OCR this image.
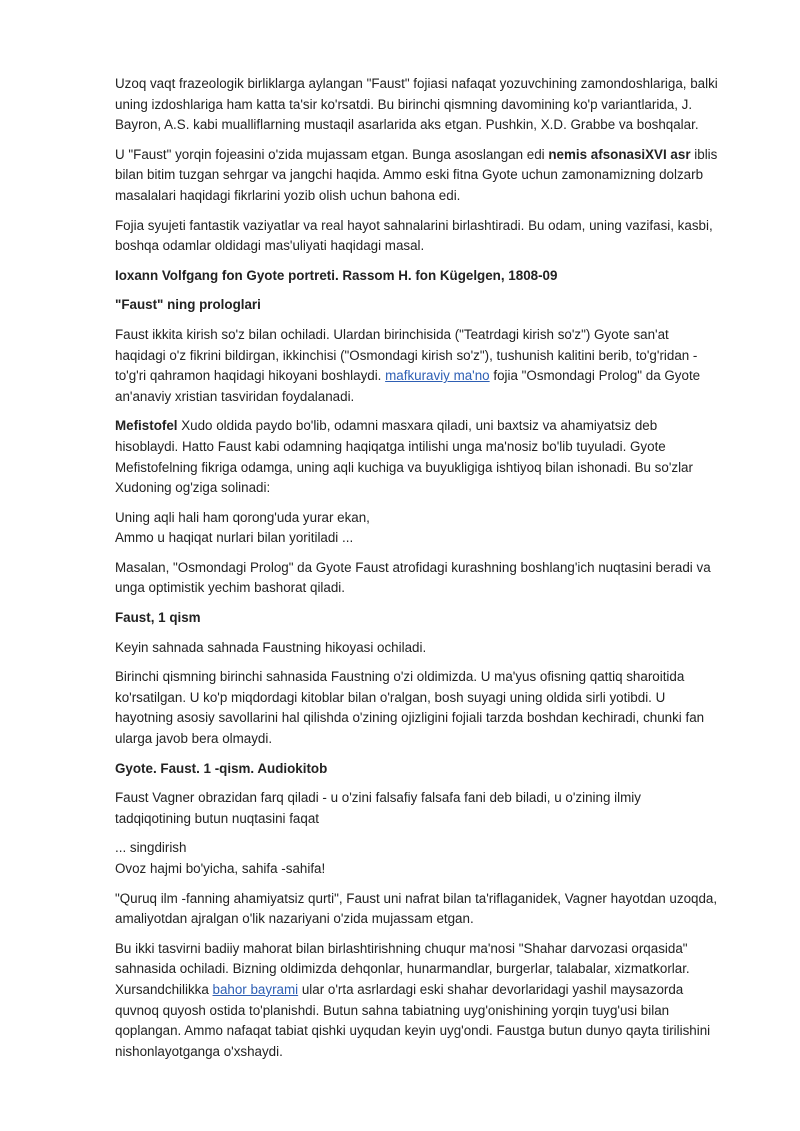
Uzoq vaqt frazeologik birliklarga aylangan "Faust" fojiasi nafaqat yozuvchining zamondoshlariga, balki uning izdoshlariga ham katta ta'sir ko'rsatdi. Bu birinchi qismning davomining ko'p variantlarida, J. Bayron, A.S. kabi mualliflarning mustaqil asarlarida aks etgan. Pushkin, X.D. Grabbe va boshqalar.

U "Faust" yorqin fojeasini o'zida mujassam etgan. Bunga asoslangan edi nemis afsonasiXVI asr iblis bilan bitim tuzgan sehrgar va jangchi haqida. Ammo eski fitna Gyote uchun zamonamizning dolzarb masalalari haqidagi fikrlarini yozib olish uchun bahona edi.

Fojia syujeti fantastik vaziyatlar va real hayot sahnalarini birlashtiradi. Bu odam, uning vazifasi, kasbi, boshqa odamlar oldidagi mas'uliyati haqidagi masal.

Ioxann Volfgang fon Gyote portreti. Rassom H. fon Kügelgen, 1808-09

"Faust" ning prologlari

Faust ikkita kirish so'z bilan ochiladi. Ulardan birinchisida ("Teatrdagi kirish so'z") Gyote san'at haqidagi o'z fikrini bildirgan, ikkinchisi ("Osmondagi kirish so'z"), tushunish kalitini berib, to'g'ridan -to'g'ri qahramon haqidagi hikoyani boshlaydi. mafkuraviy ma'no fojia "Osmondagi Prolog" da Gyote an'anaviy xristian tasviridan foydalanadi.

Mefistofel Xudo oldida paydo bo'lib, odamni masxara qiladi, uni baxtsiz va ahamiyatsiz deb hisoblaydi. Hatto Faust kabi odamning haqiqatga intilishi unga ma'nosiz bo'lib tuyuladi. Gyote Mefistofelning fikriga odamga, uning aqli kuchiga va buyukligiga ishtiyoq bilan ishonadi. Bu so'zlar Xudoning og'ziga solinadi:

Uning aqli hali ham qorong'uda yurar ekan,
Ammo u haqiqat nurlari bilan yoritiladi ...

Masalan, "Osmondagi Prolog" da Gyote Faust atrofidagi kurashning boshlang'ich nuqtasini beradi va unga optimistik yechim bashorat qiladi.

Faust, 1 qism

Keyin sahnada sahnada Faustning hikoyasi ochiladi.

Birinchi qismning birinchi sahnasida Faustning o'zi oldimizda. U ma'yus ofisning qattiq sharoitida ko'rsatilgan. U ko'p miqdordagi kitoblar bilan o'ralgan, bosh suyagi uning oldida sirli yotibdi. U hayotning asosiy savollarini hal qilishda o'zining ojizligini fojiali tarzda boshdan kechiradi, chunki fan ularga javob bera olmaydi.

Gyote. Faust. 1 -qism. Audiokitob

Faust Vagner obrazidan farq qiladi - u o'zini falsafiy falsafa fani deb biladi, u o'zining ilmiy tadqiqotining butun nuqtasini faqat

... singdirish
Ovoz hajmi bo'yicha, sahifa -sahifa!

"Quruq ilm -fanning ahamiyatsiz qurti", Faust uni nafrat bilan ta'riflaganidek, Vagner hayotdan uzoqda, amaliyotdan ajralgan o'lik nazariyani o'zida mujassam etgan.

Bu ikki tasvirni badiiy mahorat bilan birlashtirishning chuqur ma'nosi "Shahar darvozasi orqasida" sahnasida ochiladi. Bizning oldimizda dehqonlar, hunarmandlar, burgerlar, talabalar, xizmatkorlar. Xursandchilikka bahor bayrami ular o'rta asrlardagi eski shahar devorlaridagi yashil maysazorda quvnoq quyosh ostida to'planishdi. Butun sahna tabiatning uyg'onishining yorqin tuyg'usi bilan qoplangan. Ammo nafaqat tabiat qishki uyqudan keyin uyg'ondi. Faustga butun dunyo qayta tirilishini nishonlayotganga o'xshaydi.
